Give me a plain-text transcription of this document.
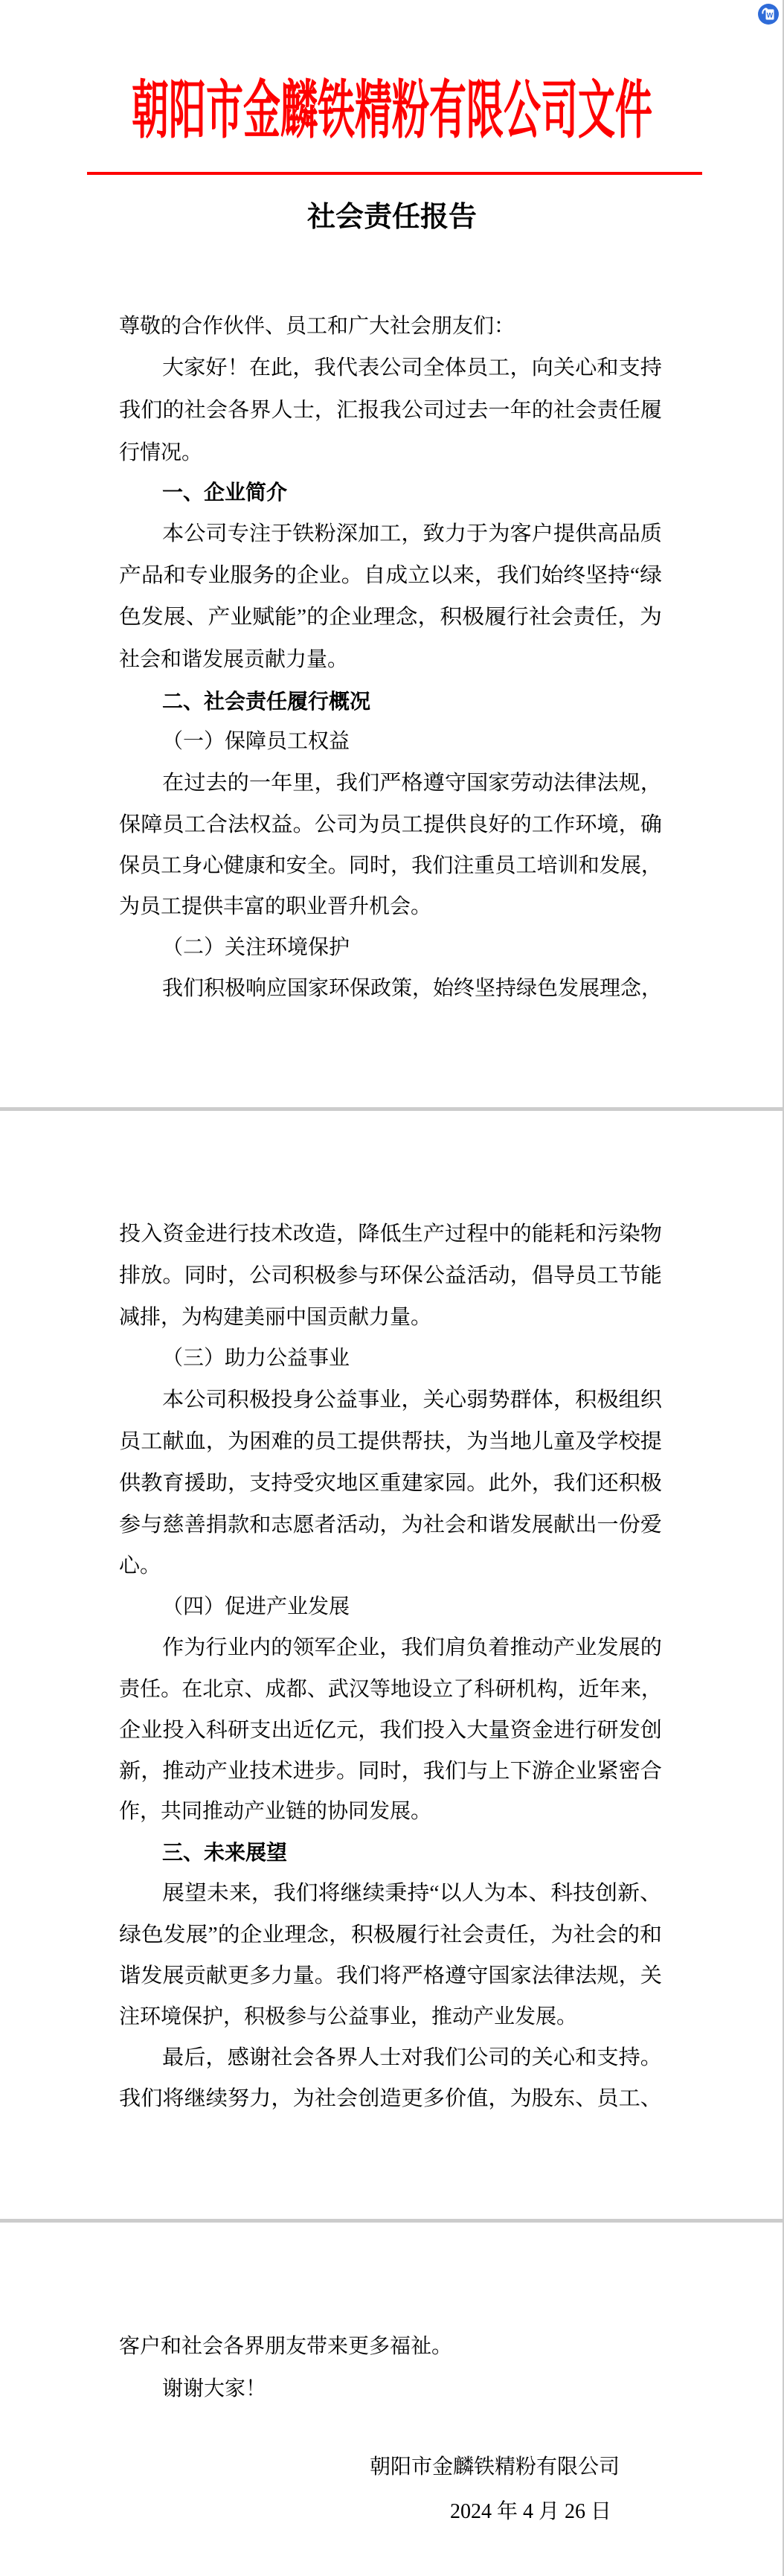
W
朝阳市金麟铁精粉有限公司文件
社会责任报告
尊敬的合作伙伴、员工和广大社会朋友们：
大家好！在此，我代表公司全体员工，向关心和支持
我们的社会各界人士，汇报我公司过去一年的社会责任履
行情况。
一、企业简介
本公司专注于铁粉深加工，致力于为客户提供高品质
产品和专业服务的企业。自成立以来，我们始终坚持“绿
色发展、产业赋能”的企业理念，积极履行社会责任，为
社会和谐发展贡献力量。
二、社会责任履行概况
（一）保障员工权益
在过去的一年里，我们严格遵守国家劳动法律法规，
保障员工合法权益。公司为员工提供良好的工作环境，确
保员工身心健康和安全。同时，我们注重员工培训和发展，
为员工提供丰富的职业晋升机会。
（二）关注环境保护
我们积极响应国家环保政策，始终坚持绿色发展理念，
投入资金进行技术改造，降低生产过程中的能耗和污染物
排放。同时，公司积极参与环保公益活动，倡导员工节能
减排，为构建美丽中国贡献力量。
（三）助力公益事业
本公司积极投身公益事业，关心弱势群体，积极组织
员工献血，为困难的员工提供帮扶，为当地儿童及学校提
供教育援助，支持受灾地区重建家园。此外，我们还积极
参与慈善捐款和志愿者活动，为社会和谐发展献出一份爱
心。
（四）促进产业发展
作为行业内的领军企业，我们肩负着推动产业发展的
责任。在北京、成都、武汉等地设立了科研机构，近年来，
企业投入科研支出近亿元，我们投入大量资金进行研发创
新，推动产业技术进步。同时，我们与上下游企业紧密合
作，共同推动产业链的协同发展。
三、未来展望
展望未来，我们将继续秉持“以人为本、科技创新、
绿色发展”的企业理念，积极履行社会责任，为社会的和
谐发展贡献更多力量。我们将严格遵守国家法律法规，关
注环境保护，积极参与公益事业，推动产业发展。
最后，感谢社会各界人士对我们公司的关心和支持。
我们将继续努力，为社会创造更多价值，为股东、员工、
客户和社会各界朋友带来更多福祉。
谢谢大家！
朝阳市金麟铁精粉有限公司
2024 年 4 月 26 日
